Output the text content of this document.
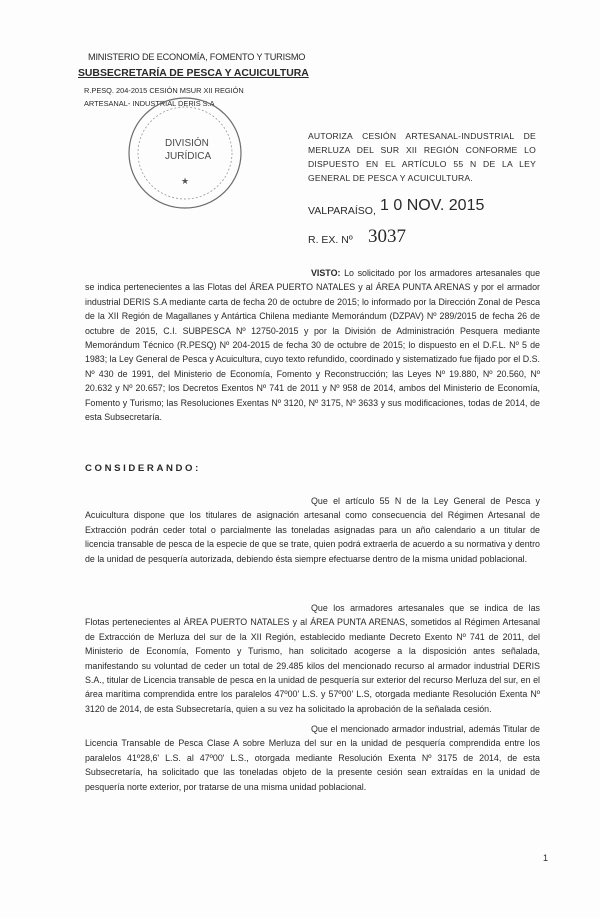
MINISTERIO DE ECONOMÍA, FOMENTO Y TURISMO
SUBSECRETARÍA DE PESCA Y ACUICULTURA
R.PESQ. 204-2015 CESIÓN MSUR XII REGIÓN
ARTESANAL- INDUSTRIAL DERIS S.A
★
DIVISIÓN
JURÍDICA
AUTORIZA CESIÓN ARTESANAL-INDUSTRIAL DE MERLUZA DEL SUR XII REGIÓN CONFORME LO DISPUESTO EN EL ARTÍCULO 55 N DE LA LEY GENERAL DE PESCA Y ACUICULTURA.
VALPARAÍSO, 1 0 NOV. 2015
R. EX. Nº 3037
VISTO: Lo solicitado por los armadores artesanales que se indica pertenecientes a las Flotas del ÁREA PUERTO NATALES y al ÁREA PUNTA ARENAS y por el armador industrial DERIS S.A mediante carta de fecha 20 de octubre de 2015; lo informado por la Dirección Zonal de Pesca de la XII Región de Magallanes y Antártica Chilena mediante Memorándum (DZPAV) Nº 289/2015 de fecha 26 de octubre de 2015, C.I. SUBPESCA Nº 12750-2015 y por la División de Administración Pesquera mediante Memorándum Técnico (R.PESQ) Nº 204-2015 de fecha 30 de octubre de 2015; lo dispuesto en el D.F.L. Nº 5 de 1983; la Ley General de Pesca y Acuicultura, cuyo texto refundido, coordinado y sistematizado fue fijado por el D.S. Nº 430 de 1991, del Ministerio de Economía, Fomento y Reconstrucción; las Leyes Nº 19.880, Nº 20.560, Nº 20.632 y Nº 20.657; los Decretos Exentos Nº 741 de 2011 y Nº 958 de 2014, ambos del Ministerio de Economía, Fomento y Turismo; las Resoluciones Exentas Nº 3120, Nº 3175, Nº 3633 y sus modificaciones, todas de 2014, de esta Subsecretaría.
CONSIDERANDO:
Que el artículo 55 N de la Ley General de Pesca y Acuicultura dispone que los titulares de asignación artesanal como consecuencia del Régimen Artesanal de Extracción podrán ceder total o parcialmente las toneladas asignadas para un año calendario a un titular de licencia transable de pesca de la especie de que se trate, quien podrá extraerla de acuerdo a su normativa y dentro de la unidad de pesquería autorizada, debiendo ésta siempre efectuarse dentro de la misma unidad poblacional.
Que los armadores artesanales que se indica de las Flotas pertenecientes al ÁREA PUERTO NATALES y al ÁREA PUNTA ARENAS, sometidos al Régimen Artesanal de Extracción de Merluza del sur de la XII Región, establecido mediante Decreto Exento Nº 741 de 2011, del Ministerio de Economía, Fomento y Turismo, han solicitado acogerse a la disposición antes señalada, manifestando su voluntad de ceder un total de 29.485 kilos del mencionado recurso al armador industrial DERIS S.A., titular de Licencia transable de pesca en la unidad de pesquería sur exterior del recurso Merluza del sur, en el área marítima comprendida entre los paralelos 47º00' L.S. y 57º00' L.S, otorgada mediante Resolución Exenta Nº 3120 de 2014, de esta Subsecretaría, quien a su vez ha solicitado la aprobación de la señalada cesión.
Que el mencionado armador industrial, además Titular de Licencia Transable de Pesca Clase A sobre Merluza del sur en la unidad de pesquería comprendida entre los paralelos 41º28,6' L.S. al 47º00' L.S., otorgada mediante Resolución Exenta Nº 3175 de 2014, de esta Subsecretaría, ha solicitado que las toneladas objeto de la presente cesión sean extraídas en la unidad de pesquería norte exterior, por tratarse de una misma unidad poblacional.
1
